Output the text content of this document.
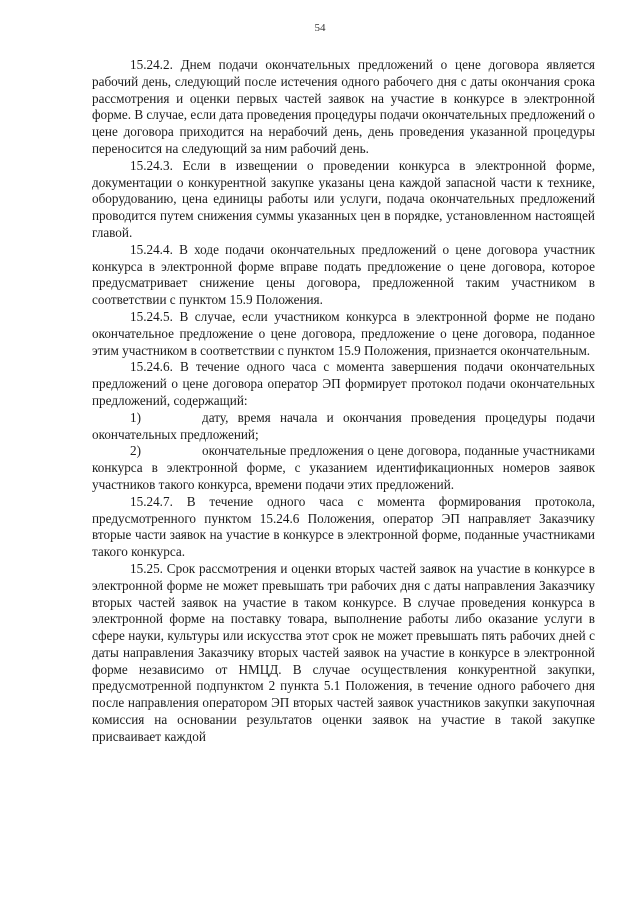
54

15.24.2. Днем подачи окончательных предложений о цене договора является рабочий день, следующий после истечения одного рабочего дня с даты окончания срока рассмотрения и оценки первых частей заявок на участие в конкурсе в электронной форме. В случае, если дата проведения процедуры подачи окончательных предложений о цене договора приходится на нерабочий день, день проведения указанной процедуры переносится на следующий за ним рабочий день.

15.24.3. Если в извещении о проведении конкурса в электронной форме, документации о конкурентной закупке указаны цена каждой запасной части к технике, оборудованию, цена единицы работы или услуги, подача окончательных предложений проводится путем снижения суммы указанных цен в порядке, установленном настоящей главой.

15.24.4. В ходе подачи окончательных предложений о цене договора участник конкурса в электронной форме вправе подать предложение о цене договора, которое предусматривает снижение цены договора, предложенной таким участником в соответствии с пунктом 15.9 Положения.

15.24.5. В случае, если участником конкурса в электронной форме не подано окончательное предложение о цене договора, предложение о цене договора, поданное этим участником в соответствии с пунктом 15.9 Положения, признается окончательным.

15.24.6. В течение одного часа с момента завершения подачи окончательных предложений о цене договора оператор ЭП формирует протокол подачи окончательных предложений, содержащий:

1)	дату, время начала и окончания проведения процедуры подачи окончательных предложений;

2)	окончательные предложения о цене договора, поданные участниками конкурса в электронной форме, с указанием идентификационных номеров заявок участников такого конкурса, времени подачи этих предложений.

15.24.7. В течение одного часа с момента формирования протокола, предусмотренного пунктом 15.24.6 Положения, оператор ЭП направляет Заказчику вторые части заявок на участие в конкурсе в электронной форме, поданные участниками такого конкурса.

15.25. Срок рассмотрения и оценки вторых частей заявок на участие в конкурсе в электронной форме не может превышать три рабочих дня с даты направления Заказчику вторых частей заявок на участие в таком конкурсе. В случае проведения конкурса в электронной форме на поставку товара, выполнение работы либо оказание услуги в сфере науки, культуры или искусства этот срок не может превышать пять рабочих дней с даты направления Заказчику вторых частей заявок на участие в конкурсе в электронной форме независимо от НМЦД. В случае осуществления конкурентной закупки, предусмотренной подпунктом 2 пункта 5.1 Положения, в течение одного рабочего дня после направления оператором ЭП вторых частей заявок участников закупки закупочная комиссия на основании результатов оценки заявок на участие в такой закупке присваивает каждой
